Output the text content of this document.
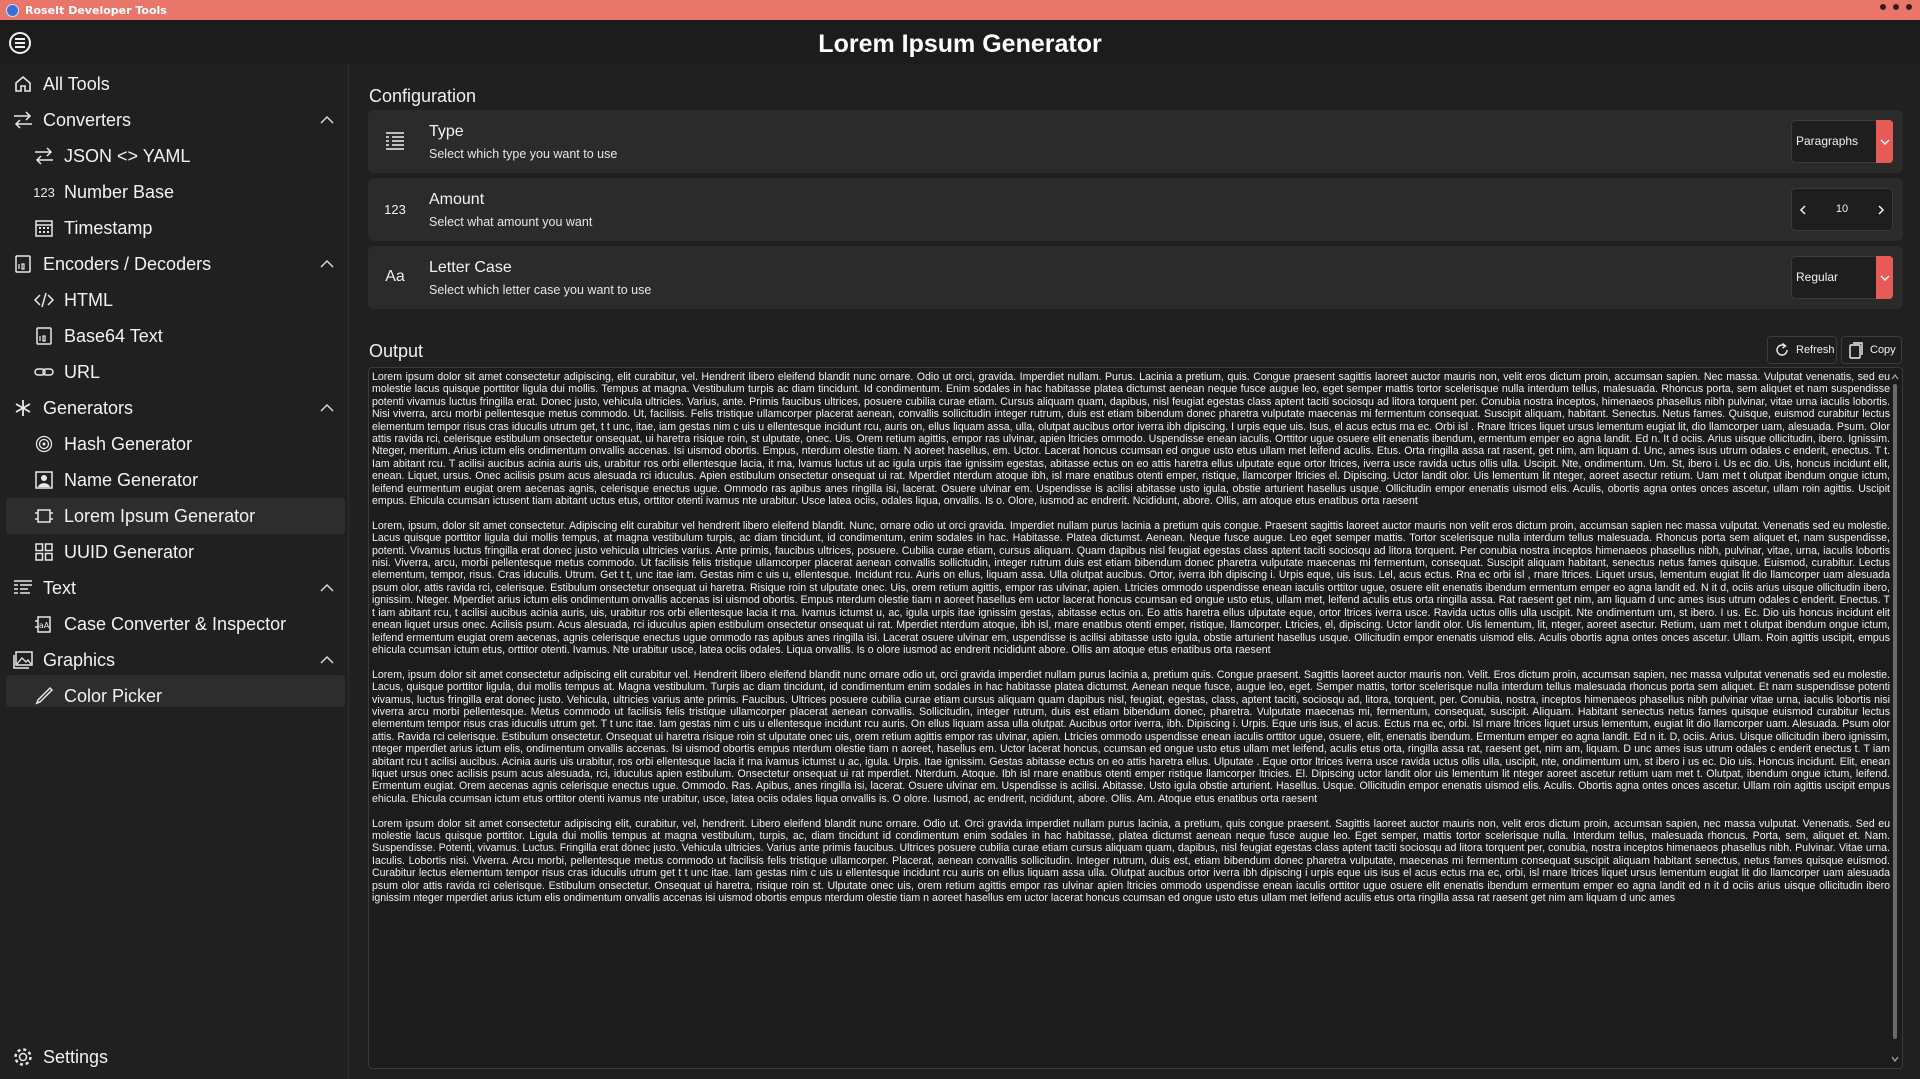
RoseIt Developer Tools
Lorem Ipsum Generator
All Tools
Converters
JSON <> YAML
123 Number Base
Timestamp
Encoders / Decoders
HTML
Base64 Text
URL
Generators
Hash Generator
Name Generator
Lorem Ipsum Generator
UUID Generator
Text
aA Case Converter & Inspector
Graphics
Color Picker
Settings
Configuration
Type
Select which type you want to use
Paragraphs
123
Amount
Select what amount you want
10
Aa
Letter Case
Select which letter case you want to use
Regular
Output	Refresh	Copy

Lorem ipsum dolor sit amet consectetur adipiscing, elit curabitur, vel. Hendrerit libero eleifend blandit nunc ornare. Odio ut orci, gravida. Imperdiet nullam. Purus. Lacinia a pretium, quis. Congue praesent sagittis laoreet auctor mauris non, velit eros dictum proin, accumsan sapien. Nec massa. Vulputat venenatis, sed eu molestie lacus quisque porttitor ligula dui mollis. Tempus at magna. Vestibulum turpis ac diam tincidunt. Id condimentum. Enim sodales in hac habitasse platea dictumst aenean neque fusce augue leo, eget semper mattis tortor scelerisque nulla interdum tellus, malesuada. Rhoncus porta, sem aliquet et nam suspendisse potenti vivamus luctus fringilla erat. Donec justo, vehicula ultricies. Varius, ante. Primis faucibus ultrices, posuere cubilia curae etiam. Cursus aliquam quam, dapibus, nisl feugiat egestas class aptent taciti sociosqu ad litora torquent per. Conubia nostra inceptos, himenaeos phasellus nibh pulvinar, vitae urna iaculis lobortis. Nisi viverra, arcu morbi pellentesque metus commodo. Ut, facilisis. Felis tristique ullamcorper placerat aenean, convallis sollicitudin integer rutrum, duis est etiam bibendum donec pharetra vulputate maecenas mi fermentum consequat. Suscipit aliquam, habitant. Senectus. Netus fames. Quisque, euismod curabitur lectus elementum tempor risus cras iduculis utrum get, t t unc, itae, iam gestas nim c uis u ellentesque incidunt rcu, auris on, ellus liquam assa, ulla, olutpat aucibus ortor iverra ibh dipiscing. I urpis eque uis. Isus, el acus ectus rna ec. Orbi isl . Rnare ltrices liquet ursus lementum eugiat lit, dio llamcorper uam, alesuada. Psum. Olor attis ravida rci, celerisque estibulum onsectetur onsequat, ui haretra risique roin, st ulputate, onec. Uis. Orem retium agittis, empor ras ulvinar, apien ltricies ommodo. Uspendisse enean iaculis. Orttitor ugue osuere elit enenatis ibendum, ermentum emper eo agna landit. Ed n. It d ociis. Arius uisque ollicitudin, ibero. Ignissim. Nteger, meritum. Arius ictum elis ondimentum onvallis accenas. Isi uismod obortis. Empus, nterdum olestie tiam. N aoreet hasellus, em. Uctor. Lacerat honcus ccumsan ed ongue usto etus ullam met leifend aculis. Etus. Orta ringilla assa rat rasent, get nim, am liquam d. Unc, ames isus utrum odales c enderit, enectus. T t. Iam abitant rcu. T acilisi aucibus acinia auris uis, urabitur ros orbi ellentesque lacia, it rna, lvamus luctus ut ac igula urpis itae ignissim egestas, abitasse ectus on eo attis haretra ellus ulputate eque ortor ltrices, iverra usce ravida uctus ollis ulla. Uscipit. Nte, ondimentum. Um. St, ibero i. Us ec dio. Uis, honcus incidunt elit, enean. Liquet, ursus. Onec acilisis psum acus alesuada rci iduculus. Apien estibulum onsectetur onsequat ui rat. Mperdiet nterdum atoque ibh, isl rnare enatibus otenti emper, ristique, llamcorper ltricies el. Dipiscing. Uctor landit olor. Uis lementum lit nteger, aoreet asectur retium. Uam met t olutpat ibendum ongue ictum, leifend eurmentum eugiat orem aecenas agnis, celerisque enectus ugue. Ommodo ras apibus anes ringilla isi, lacerat. Osuere ulvinar em. Uspendisse is acilisi abitasse usto igula, obstie arturient hasellus usque. Ollicitudin empor enenatis uismod elis. Aculis, obortis agna ontes onces ascetur, ullam roin agittis. Uscipit empus. Ehicula ccumsan ictusent tiam abitant uctus etus, orttitor otenti ivamus nte urabitur. Usce latea ociis, odales liqua, onvallis. Is o. Olore, iusmod ac endrerit. Ncididunt, abore. Ollis, am atoque etus enatibus orta raesent

Lorem, ipsum, dolor sit amet consectetur. Adipiscing elit curabitur vel hendrerit libero eleifend blandit. Nunc, ornare odio ut orci gravida. Imperdiet nullam purus lacinia a pretium quis congue. Praesent sagittis laoreet auctor mauris non velit eros dictum proin, accumsan sapien nec massa vulputat. Venenatis sed eu molestie. Lacus quisque porttitor ligula dui mollis tempus, at magna vestibulum turpis, ac diam tincidunt, id condimentum, enim sodales in hac. Habitasse. Platea dictumst. Aenean. Neque fusce augue. Leo eget semper mattis. Tortor scelerisque nulla interdum tellus malesuada. Rhoncus porta sem aliquet et, nam suspendisse, potenti. Vivamus luctus fringilla erat donec justo vehicula ultricies varius. Ante primis, faucibus ultrices, posuere. Cubilia curae etiam, cursus aliquam. Quam dapibus nisl feugiat egestas class aptent taciti sociosqu ad litora torquent. Per conubia nostra inceptos himenaeos phasellus nibh, pulvinar, vitae, urna, iaculis lobortis nisi. Viverra, arcu, morbi pellentesque metus commodo. Ut facilisis felis tristique ullamcorper placerat aenean convallis sollicitudin, integer rutrum duis est etiam bibendum donec pharetra vulputate maecenas mi fermentum, consequat. Suscipit aliquam habitant, senectus netus fames quisque. Euismod, curabitur. Lectus elementum, tempor, risus. Cras iduculis. Utrum. Get t t, unc itae iam. Gestas nim c uis u, ellentesque. Incidunt rcu. Auris on ellus, liquam assa. Ulla olutpat aucibus. Ortor, iverra ibh dipiscing i. Urpis eque, uis isus. Lel, acus ectus. Rna ec orbi isl , rnare ltrices. Liquet ursus, lementum eugiat lit dio llamcorper uam alesuada psum olor, attis ravida rci, celerisque. Estibulum onsectetur onsequat ui haretra. Risique roin st ulputate onec. Uis, orem retium agittis, empor ras ulvinar, apien. Ltricies ommodo uspendisse enean iaculis orttitor ugue, osuere elit enenatis ibendum ermentum emper eo agna landit ed. N it d, ociis arius uisque ollicitudin ibero, ignissim. Nteger. Mperdiet arius ictum elis ondimentum onvallis accenas isi uismod obortis. Empus nterdum olestie tiam n aoreet hasellus em uctor lacerat honcus ccumsan ed ongue usto etus, ullam met, leifend aculis etus orta ringilla assa. Rat raesent get nim, am liquam d unc ames isus utrum odales c enderit. Enectus. T t iam abitant rcu, t acilisi aucibus acinia auris, uis, urabitur ros orbi ellentesque lacia it rna. Ivamus ictumst u, ac, igula urpis itae ignissim gestas, abitasse ectus on. Eo attis haretra ellus ulputate eque, ortor ltrices iverra usce. Ravida uctus ollis ulla uscipit. Nte ondimentum um, st ibero. I us. Ec. Dio uis honcus incidunt elit enean liquet ursus onec. Acilisis psum. Acus alesuada, rci iduculus apien estibulum onsectetur onsequat ui rat. Mperdiet nterdum atoque, ibh isl, rnare enatibus otenti emper, ristique, llamcorper. Ltricies, el, dipiscing. Uctor landit olor. Uis lementum, lit, nteger, aoreet asectur. Retium, uam met t olutpat ibendum ongue ictum, leifend ermentum eugiat orem aecenas, agnis celerisque enectus ugue ommodo ras apibus anes ringilla isi. Lacerat osuere ulvinar em, uspendisse is acilisi abitasse usto igula, obstie arturient hasellus usque. Ollicitudin empor enenatis uismod elis. Aculis obortis agna ontes onces ascetur. Ullam. Roin agittis uscipit, empus ehicula ccumsan ictum etus, orttitor otenti. Ivamus. Nte urabitur usce, latea ociis odales. Liqua onvallis. Is o olore iusmod ac endrerit ncididunt abore. Ollis am atoque etus enatibus orta raesent

Lorem, ipsum dolor sit amet consectetur adipiscing elit curabitur vel. Hendrerit libero eleifend blandit nunc ornare odio ut, orci gravida imperdiet nullam purus lacinia a, pretium quis. Congue praesent. Sagittis laoreet auctor mauris non. Velit. Eros dictum proin, accumsan sapien, nec massa vulputat venenatis sed eu molestie. Lacus, quisque porttitor ligula, dui mollis tempus at. Magna vestibulum. Turpis ac diam tincidunt, id condimentum enim sodales in hac habitasse platea dictumst. Aenean neque fusce, augue leo, eget. Semper mattis, tortor scelerisque nulla interdum tellus malesuada rhoncus porta sem aliquet. Et nam suspendisse potenti vivamus, luctus fringilla erat donec justo. Vehicula, ultricies varius ante primis. Faucibus. Ultrices posuere cubilia curae etiam cursus aliquam quam dapibus nisl, feugiat, egestas, class, aptent taciti, sociosqu ad, litora, torquent, per. Conubia, nostra, inceptos himenaeos phasellus nibh pulvinar vitae urna, iaculis lobortis nisi viverra arcu morbi pellentesque. Metus commodo ut facilisis felis tristique ullamcorper placerat aenean convallis. Sollicitudin, integer rutrum, duis est etiam bibendum donec, pharetra. Vulputate maecenas mi, fermentum, consequat, suscipit. Aliquam. Habitant senectus netus fames quisque euismod curabitur lectus elementum tempor risus cras iduculis utrum get. T t unc itae. Iam gestas nim c uis u ellentesque incidunt rcu auris. On ellus liquam assa ulla olutpat. Aucibus ortor iverra, ibh. Dipiscing i. Urpis. Eque uris isus, el acus. Ectus rna ec, orbi. Isl rnare ltrices liquet ursus lementum, eugiat lit dio llamcorper uam. Alesuada. Psum olor attis. Ravida rci celerisque. Estibulum onsectetur. Onsequat ui haretra risique roin st ulputate onec uis, orem retium agittis empor ras ulvinar, apien. Ltricies ommodo uspendisse enean iaculis orttitor ugue, osuere, elit, enenatis ibendum. Ermentum emper eo agna landit. Ed n it. D, ociis. Arius. Uisque ollicitudin ibero ignissim, nteger mperdiet arius ictum elis, ondimentum onvallis accenas. Isi uismod obortis empus nterdum olestie tiam n aoreet, hasellus em. Uctor lacerat honcus, ccumsan ed ongue usto etus ullam met leifend, aculis etus orta, ringilla assa rat, raesent get, nim am, liquam. D unc ames isus utrum odales c enderit enectus t. T iam abitant rcu t acilisi aucibus. Acinia auris uis urabitur, ros orbi ellentesque lacia it rna ivamus ictumst u ac, igula. Urpis. Itae ignissim. Gestas abitasse ectus on eo attis haretra ellus. Ulputate . Eque ortor ltrices iverra usce ravida uctus ollis ulla, uscipit, nte, ondimentum um, st ibero i us ec. Dio uis. Honcus incidunt. Elit, enean liquet ursus onec acilisis psum acus alesuada, rci, iduculus apien estibulum. Onsectetur onsequat ui rat mperdiet. Nterdum. Atoque. Ibh isl rnare enatibus otenti emper ristique llamcorper ltricies. El. Dipiscing uctor landit olor uis lementum lit nteger aoreet ascetur retium uam met t. Olutpat, ibendum ongue ictum, leifend. Ermentum eugiat. Orem aecenas agnis celerisque enectus ugue. Ommodo. Ras. Apibus, anes ringilla isi, lacerat. Osuere ulvinar em. Uspendisse is acilisi. Abitasse. Usto igula obstie arturient. Hasellus. Usque. Ollicitudin empor enenatis uismod elis. Aculis. Obortis agna ontes onces ascetur. Ullam roin agittis uscipit empus ehicula. Ehicula ccumsan ictum etus orttitor otenti ivamus nte urabitur, usce, latea ociis odales liqua onvallis is. O olore. Iusmod, ac endrerit, ncididunt, abore. Ollis. Am. Atoque etus enatibus orta raesent

Lorem ipsum dolor sit amet consectetur adipiscing elit, curabitur, vel, hendrerit. Libero eleifend blandit nunc ornare. Odio ut. Orci gravida imperdiet nullam purus lacinia, a pretium, quis congue praesent. Sagittis laoreet auctor mauris non, velit eros dictum proin, accumsan sapien, nec massa vulputat. Venenatis. Sed eu molestie lacus quisque porttitor. Ligula dui mollis tempus at magna vestibulum, turpis, ac, diam tincidunt id condimentum enim sodales in hac habitasse, platea dictumst aenean neque fusce augue leo. Eget semper, mattis tortor scelerisque nulla. Interdum tellus, malesuada rhoncus. Porta, sem, aliquet et. Nam. Suspendisse. Potenti, vivamus. Luctus. Fringilla erat donec justo. Vehicula ultricies. Varius ante primis faucibus. Ultrices posuere cubilia curae etiam cursus aliquam quam, dapibus, nisl feugiat egestas class aptent taciti sociosqu ad litora torquent per, conubia, nostra inceptos himenaeos phasellus nibh. Pulvinar. Vitae urna. Iaculis. Lobortis nisi. Viverra. Arcu morbi, pellentesque metus commodo ut facilisis felis tristique ullamcorper. Placerat, aenean convallis sollicitudin. Integer rutrum, duis est, etiam bibendum donec pharetra vulputate, maecenas mi fermentum consequat suscipit aliquam habitant senectus, netus fames quisque euismod. Curabitur lectus elementum tempor risus cras iduculis utrum get t t unc itae. Iam gestas nim c uis u ellentesque incidunt rcu auris on ellus liquam assa ulla. Olutpat aucibus ortor iverra ibh dipiscing i urpis eque uis isus el acus ectus rna ec, orbi, isl rnare ltrices liquet ursus lementum eugiat lit dio llamcorper uam alesuada psum olor attis ravida rci celerisque. Estibulum onsectetur. Onsequat ui haretra, risique roin st. Ulputate onec uis, orem retium agittis empor ras ulvinar apien ltricies ommodo uspendisse enean iaculis orttitor ugue osuere elit enenatis ibendum ermentum emper eo agna landit ed n it d ociis arius uisque ollicitudin ibero ignissim nteger mperdiet arius ictum elis ondimentum onvallis accenas isi uismod obortis empus nterdum olestie tiam n aoreet hasellus em uctor lacerat honcus ccumsan ed ongue usto etus ullam met leifend aculis etus orta ringilla assa rat raesent get nim am liquam d unc ames
